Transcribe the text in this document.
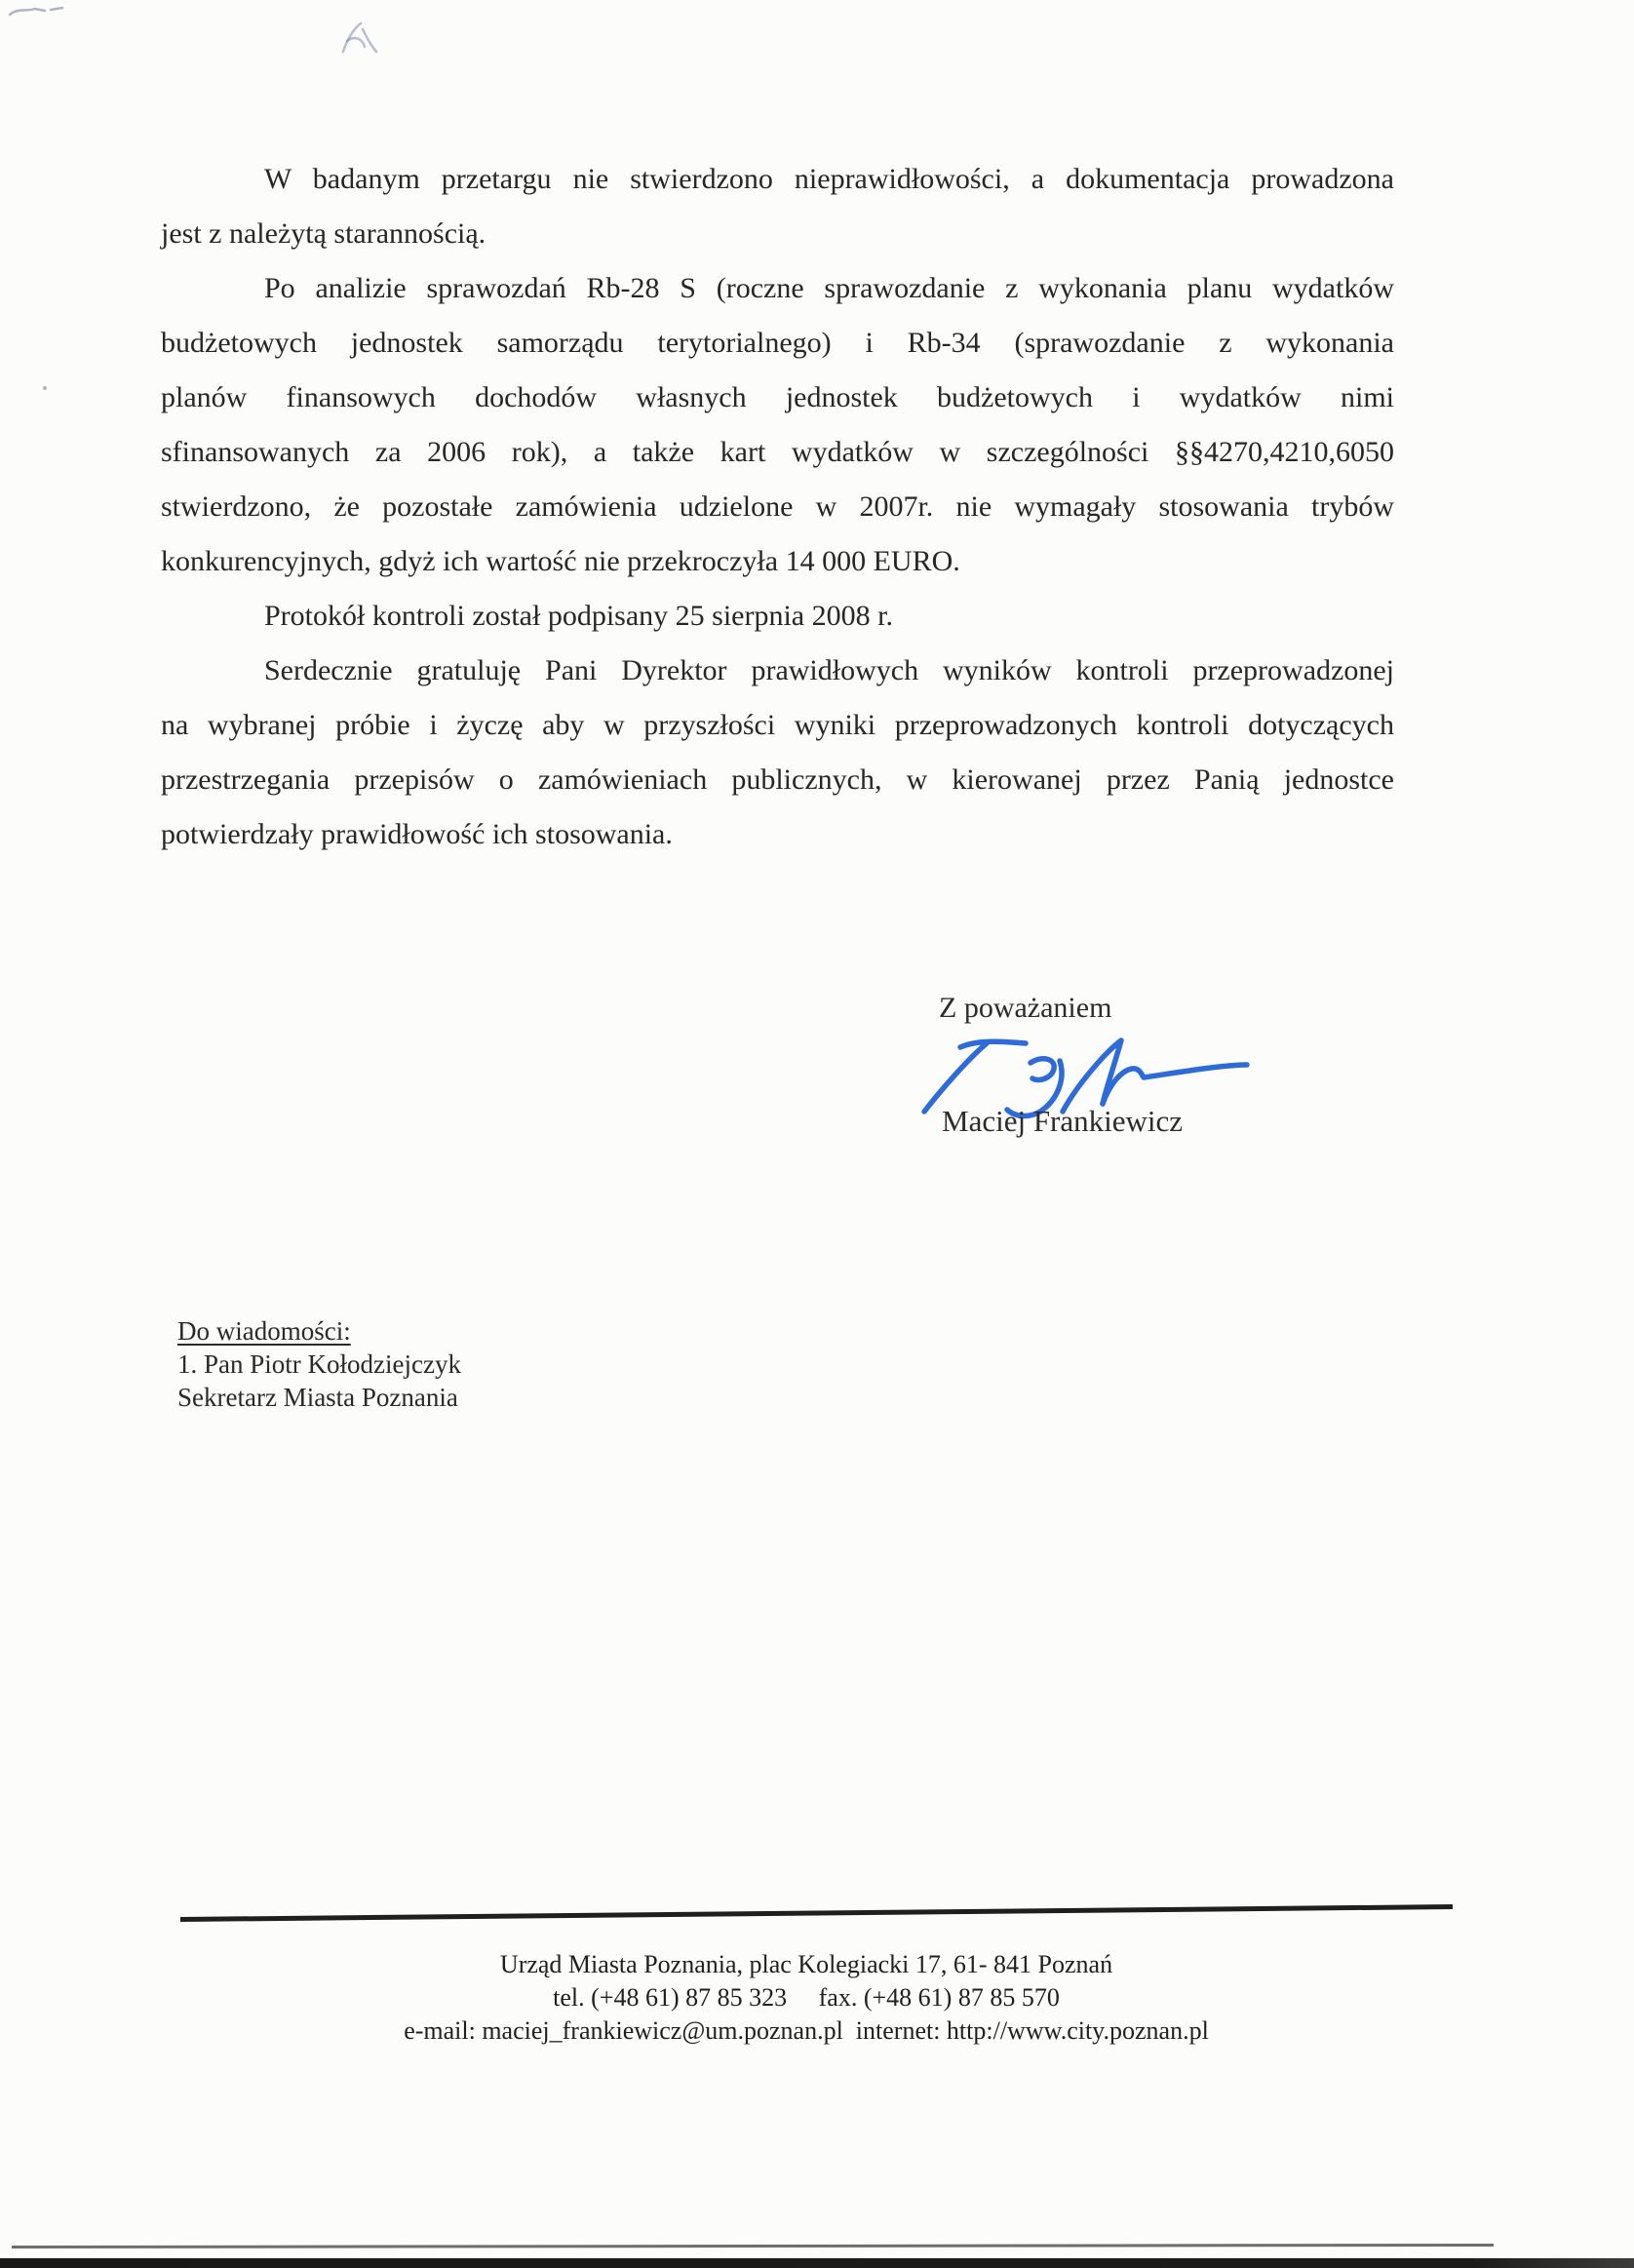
W badanym przetargu nie stwierdzono nieprawidłowości, a dokumentacja prowadzona
jest z należytą starannością.
Po analizie sprawozdań Rb-28 S (roczne sprawozdanie z wykonania planu wydatków
budżetowych jednostek samorządu terytorialnego) i Rb-34 (sprawozdanie z wykonania
planów finansowych dochodów własnych jednostek budżetowych i wydatków nimi
sfinansowanych za 2006 rok), a także kart wydatków w szczególności §§4270,4210,6050
stwierdzono, że pozostałe zamówienia udzielone w 2007r. nie wymagały stosowania trybów
konkurencyjnych, gdyż ich wartość nie przekroczyła 14 000 EURO.
Protokół kontroli został podpisany 25 sierpnia 2008 r.
Serdecznie gratuluję Pani Dyrektor prawidłowych wyników kontroli przeprowadzonej
na wybranej próbie i życzę aby w przyszłości wyniki przeprowadzonych kontroli dotyczących
przestrzegania przepisów o zamówieniach publicznych, w kierowanej przez Panią jednostce
potwierdzały prawidłowość ich stosowania.
Z poważaniem
Maciej Frankiewicz
Do wiadomości:
1. Pan Piotr Kołodziejczyk
Sekretarz Miasta Poznania
Urząd Miasta Poznania, plac Kolegiacki 17, 61- 841 Poznań
tel. (+48 61) 87 85 323     fax. (+48 61) 87 85 570
e-mail: maciej_frankiewicz@um.poznan.pl  internet: http://www.city.poznan.pl
